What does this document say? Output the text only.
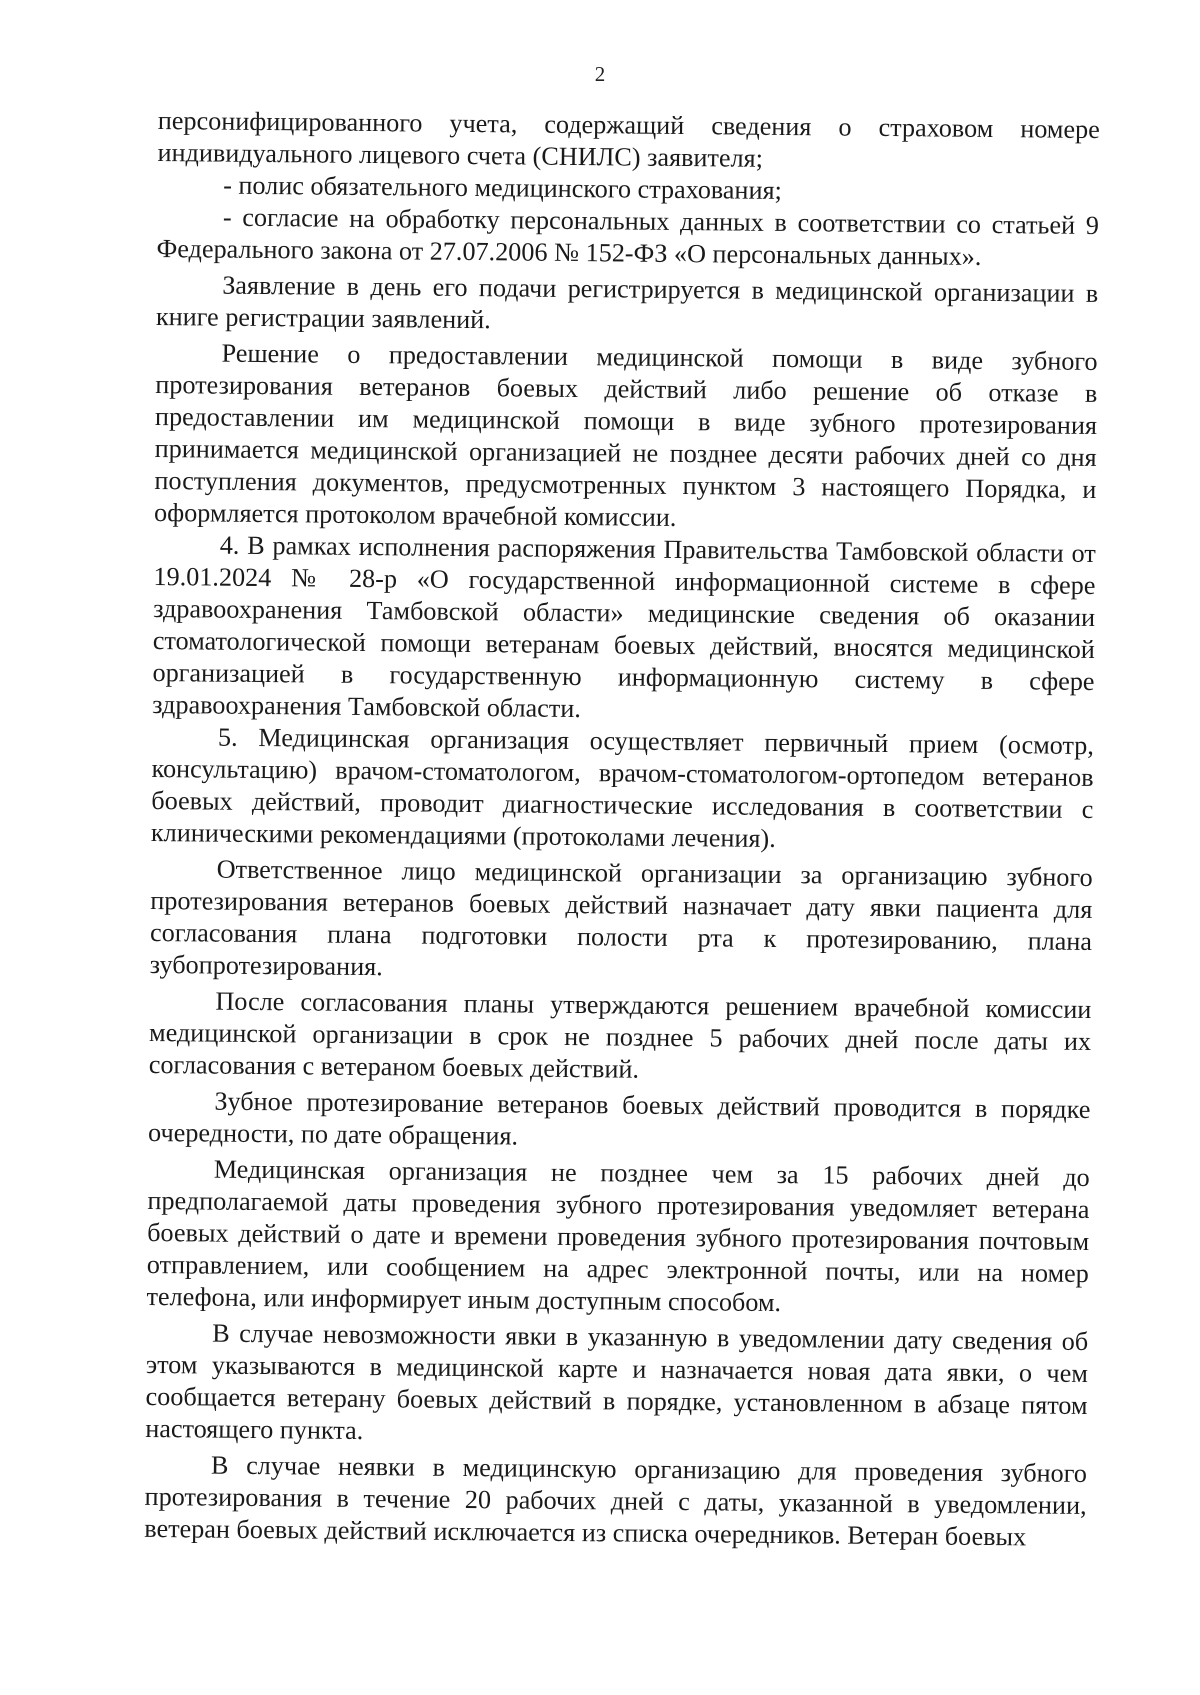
2

персонифицированного учета, содержащий сведения о страховом номере индивидуального лицевого счета (СНИЛС) заявителя;

- полис обязательного медицинского страхования;

- согласие на обработку персональных данных в соответствии со статьей 9 Федерального закона от 27.07.2006 № 152-ФЗ «О персональных данных».

Заявление в день его подачи регистрируется в медицинской организации в книге регистрации заявлений.

Решение о предоставлении медицинской помощи в виде зубного протезирования ветеранов боевых действий либо решение об отказе в предоставлении им медицинской помощи в виде зубного протезирования принимается медицинской организацией не позднее десяти рабочих дней со дня поступления документов, предусмотренных пунктом 3 настоящего Порядка, и оформляется протоколом врачебной комиссии.

4. В рамках исполнения распоряжения Правительства Тамбовской области от 19.01.2024 № 28-р «О государственной информационной системе в сфере здравоохранения Тамбовской области» медицинские сведения об оказании стоматологической помощи ветеранам боевых действий, вносятся медицинской организацией в государственную информационную систему в сфере здравоохранения Тамбовской области.

5. Медицинская организация осуществляет первичный прием (осмотр, консультацию) врачом-стоматологом, врачом-стоматологом-ортопедом ветеранов боевых действий, проводит диагностические исследования в соответствии с клиническими рекомендациями (протоколами лечения).

Ответственное лицо медицинской организации за организацию зубного протезирования ветеранов боевых действий назначает дату явки пациента для согласования плана подготовки полости рта к протезированию, плана зубопротезирования.

После согласования планы утверждаются решением врачебной комиссии медицинской организации в срок не позднее 5 рабочих дней после даты их согласования с ветераном боевых действий.

Зубное протезирование ветеранов боевых действий проводится в порядке очередности, по дате обращения.

Медицинская организация не позднее чем за 15 рабочих дней до предполагаемой даты проведения зубного протезирования уведомляет ветерана боевых действий о дате и времени проведения зубного протезирования почтовым отправлением, или сообщением на адрес электронной почты, или на номер телефона, или информирует иным доступным способом.

В случае невозможности явки в указанную в уведомлении дату сведения об этом указываются в медицинской карте и назначается новая дата явки, о чем сообщается ветерану боевых действий в порядке, установленном в абзаце пятом настоящего пункта.

В случае неявки в медицинскую организацию для проведения зубного протезирования в течение 20 рабочих дней с даты, указанной в уведомлении, ветеран боевых действий исключается из списка очередников. Ветеран боевых
